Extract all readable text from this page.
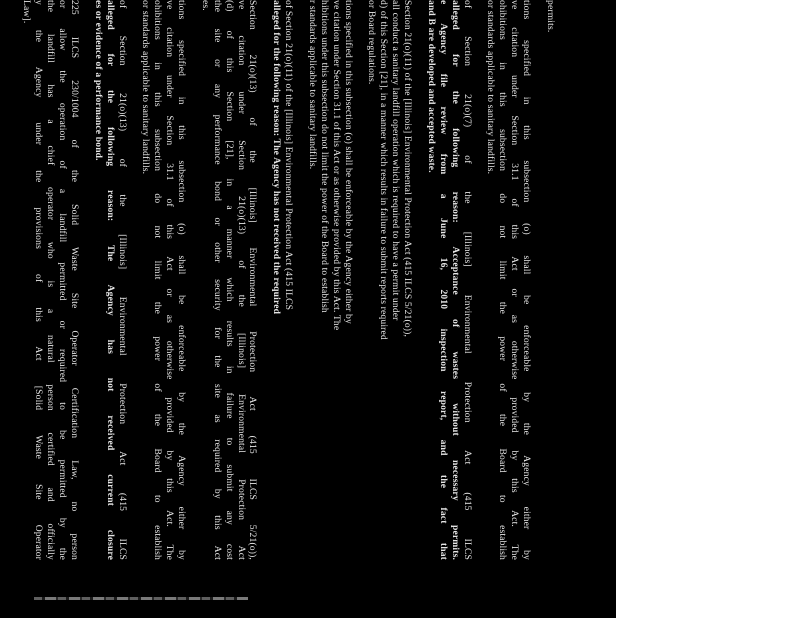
permits.
tions specified in this subsection (o) shall be enforceable by the Agency either by
ve citation under Section 31.1 of this Act or as otherwise provided by this Act. The
ohibitions in this subsection do not limit the power of the Board to establish
or standards applicable to sanitary landfills.
of Section 21(o)(7) of the [Illinois] Environmental Protection Act (415 ILCS
alleged for the following reason: Acceptance of wastes without necessary permits.
e Agency file review from a June 16, 2010 inspection report, and the fact that
and B are developed and accepted waste.
Section 21(o)(11) of the [Illinois] Environmental Protection Act (415 ILCS 5/21(o)),
all conduct a sanitary landfill operation which is required to have a permit under
d) of this Section [21], in a manner which results in failure to submit reports required
or Board regulations.
tions specified in this subsection (o) shall be enforceable by the Agency either by
ve citation under Section 31.1 of this Act or as otherwise provided by this Act. The
hibitions under this subsection do not limit the power of the Board to establish
r standards applicable to sanitary landfills.
of Section 21(o)(11) of the [Illinois] Environmental Protection Act (415 ILCS
alleged for the following reason: The Agency has not received the required
Section 21(o)(13) of the [Illinois] Environmental Protection Act (415 ILCS 5/21(o)),
ve citation under Section 21(o)(13) of the [Illinois] Environmental Protection Act
(d) of this Section [21], in a manner which results in failure to submit any cost
the site or any performance bond or other security for the site as required by this Act
es.
tions specified in this subsection (o) shall be enforceable by the Agency either by
ve citation under Section 31.1 of this Act or as otherwise provided by this Act. The
ohibitions in this subsection do not limit the power of the Board to establish
or standards applicable to sanitary landfills.
of Section 21(o)(13) of the [Illinois] Environmental Protection Act (415 ILCS
alleged for the following reason: The Agency has not received current closure
es or evidence of a performance bond.
225 ILCS 230/1004 of the Solid Waste Site Operator Certification Law, no person
or allow the operation of a landfill permitted or required to be permitted by the
the landfill has a chief operator who is a natural person certified and officially
y the Agency under the provisions of this Act [Solid Waste Site Operator
Law].
2
